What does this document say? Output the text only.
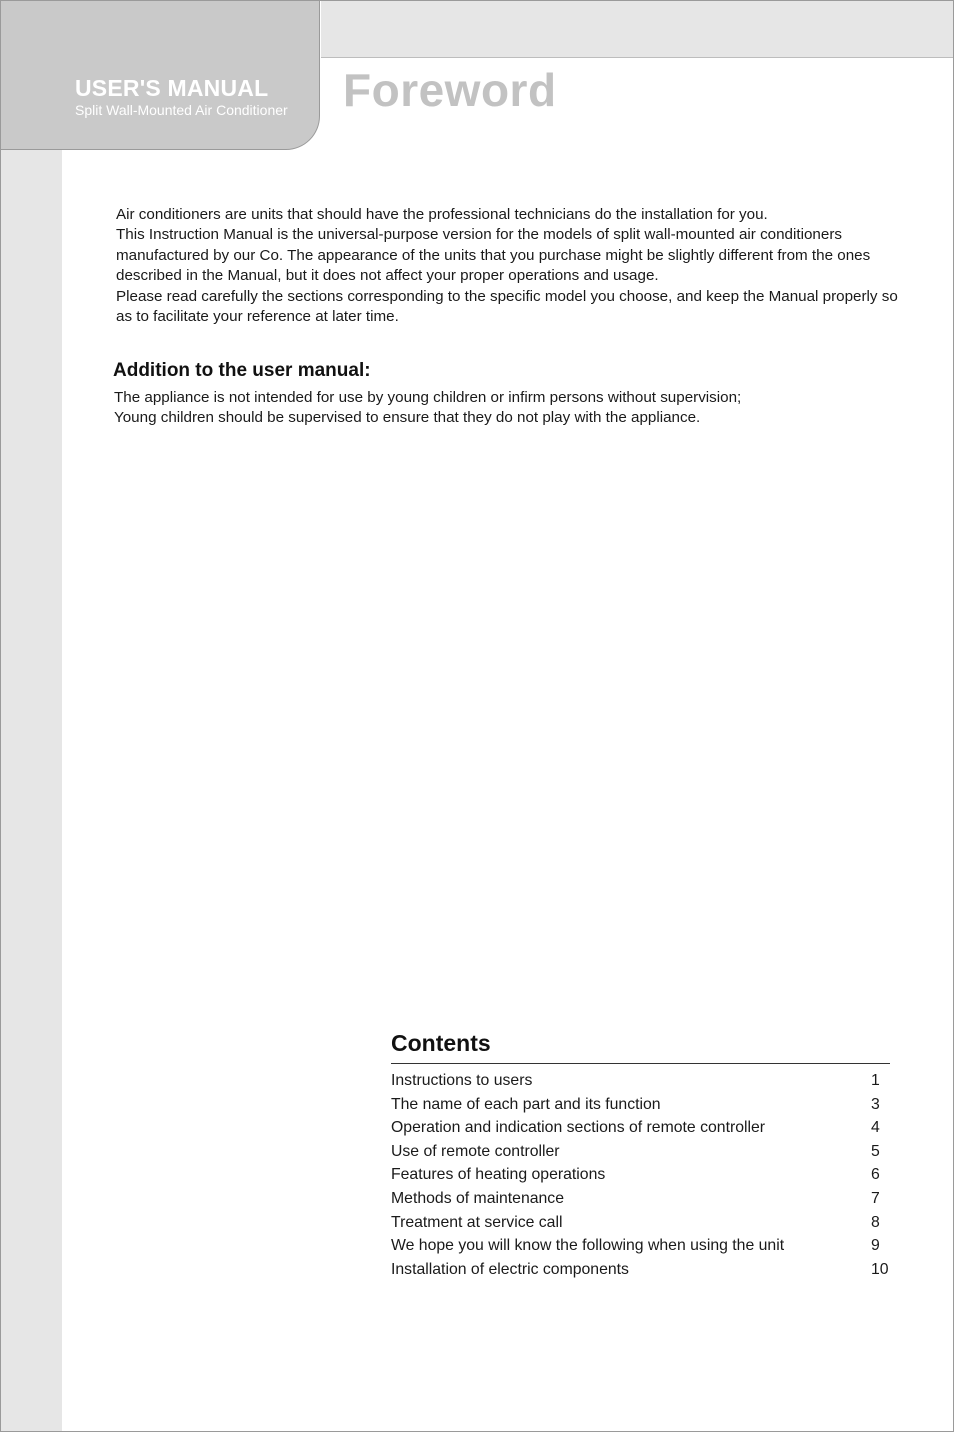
USER'S MANUAL
Split Wall-Mounted Air Conditioner Foreword

Air conditioners are units that should have the professional technicians do the installation for you.

This Instruction Manual is the universal-purpose version for the models of split wall-mounted air conditioners manufactured by our Co. The appearance of the units that you purchase might be slightly different from the ones described in the Manual, but it does not affect your proper operations and usage.

Please read carefully the sections corresponding to the specific model you choose, and keep the Manual properly so as to facilitate your reference at later time.

Addition to the user manual:

The appliance is not intended for use by young children or infirm persons without supervision;

Young children should be supervised to ensure that they do not play with the appliance.

Contents
Instructions to users	1
The name of each part and its function	3
Operation and indication sections of remote controller	4
Use of remote controller	5
Features of heating operations	6
Methods of maintenance	7
Treatment at service call	8
We hope you will know the following when using the unit	9
Installation of electric components	10
